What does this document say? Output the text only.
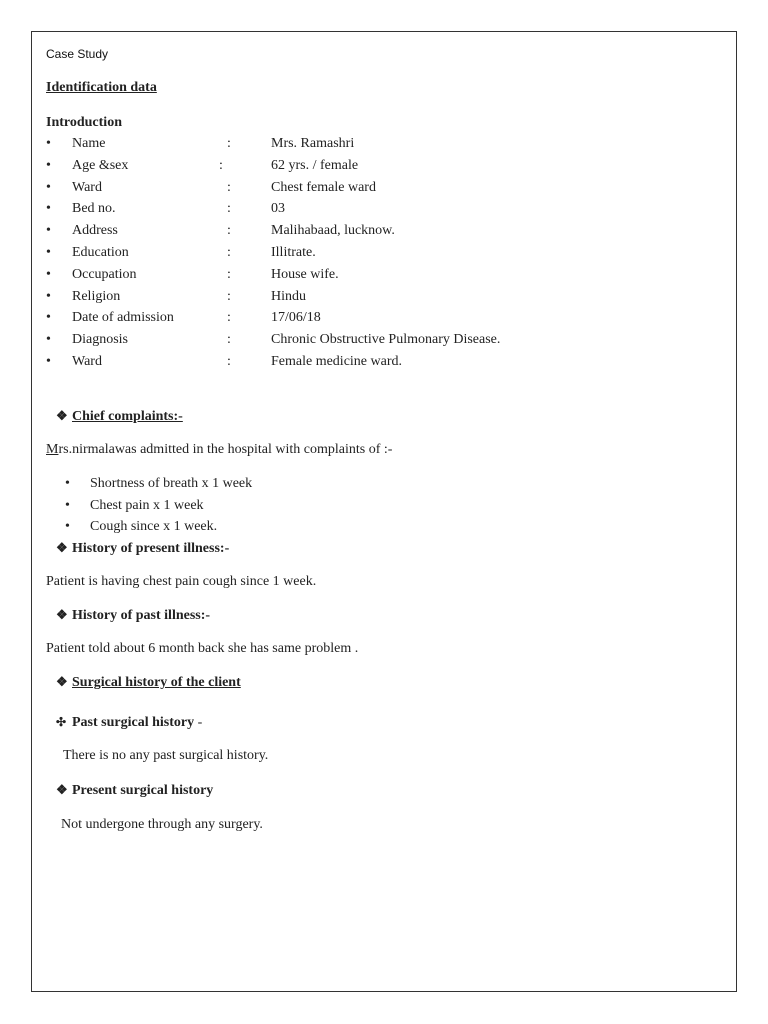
Case Study
Identification data
Introduction
• Name	:	Mrs. Ramashri
• Age &sex	:	62 yrs. / female
• Ward	:	Chest female ward
• Bed no.	:	03
• Address	:	Malihabaad, lucknow.
• Education	:	Illitrate.
• Occupation	:	House wife.
• Religion	:	Hindu
• Date of admission	:	17/06/18
• Diagnosis	:	Chronic Obstructive Pulmonary Disease.
• Ward	:	Female medicine ward.
❖ Chief complaints:-
Mrs.nirmalawas admitted in the hospital with complaints of :-
• Shortness of breath x 1 week
• Chest pain x 1 week
• Cough since x 1 week.
❖ History of present illness:-
Patient is having chest pain cough since 1 week.
❖ History of past illness:-
Patient told about 6 month back she has same problem .
❖ Surgical history of the client
✣ Past surgical history -
There is no any past surgical history.
❖ Present surgical history
Not undergone through any surgery.
